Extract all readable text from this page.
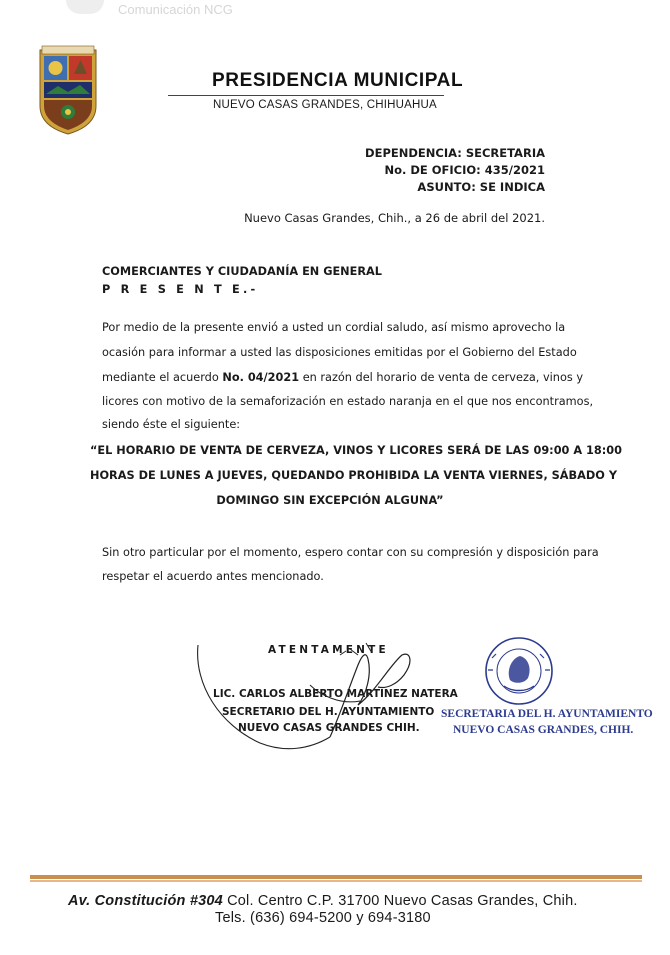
Comunicación NCG
PRESIDENCIA MUNICIPAL
NUEVO CASAS GRANDES, CHIHUAHUA
DEPENDENCIA: SECRETARIA
No. DE OFICIO: 435/2021
ASUNTO: SE INDICA
Nuevo Casas Grandes, Chih., a 26 de abril del 2021.
COMERCIANTES Y CIUDADANÍA EN GENERAL
P R E S E N T E.-
Por medio de la presente envió a usted un cordial saludo, así mismo aprovecho la
ocasión para informar a usted las disposiciones emitidas por el Gobierno del Estado
mediante el acuerdo No. 04/2021 en razón del horario de venta de cerveza, vinos y
licores con motivo de la semaforización en estado naranja en el que nos encontramos,
siendo éste el siguiente:
“EL HORARIO DE VENTA DE CERVEZA, VINOS Y LICORES SERÁ DE LAS 09:00 A 18:00
HORAS DE LUNES A JUEVES, QUEDANDO PROHIBIDA LA VENTA VIERNES, SÁBADO Y
DOMINGO SIN EXCEPCIÓN ALGUNA”
Sin otro particular por el momento, espero contar con su compresión y disposición para
respetar el acuerdo antes mencionado.
ATENTAMENTE
LIC. CARLOS ALBERTO MARTINEZ NATERA
SECRETARIO DEL H. AYUNTAMIENTO
NUEVO CASAS GRANDES CHIH.
SECRETARIA DEL H. AYUNTAMIENTO
NUEVO CASAS GRANDES, CHIH.
Av. Constitución #304 Col. Centro C.P. 31700 Nuevo Casas Grandes, Chih.
Tels. (636) 694-5200 y 694-3180
